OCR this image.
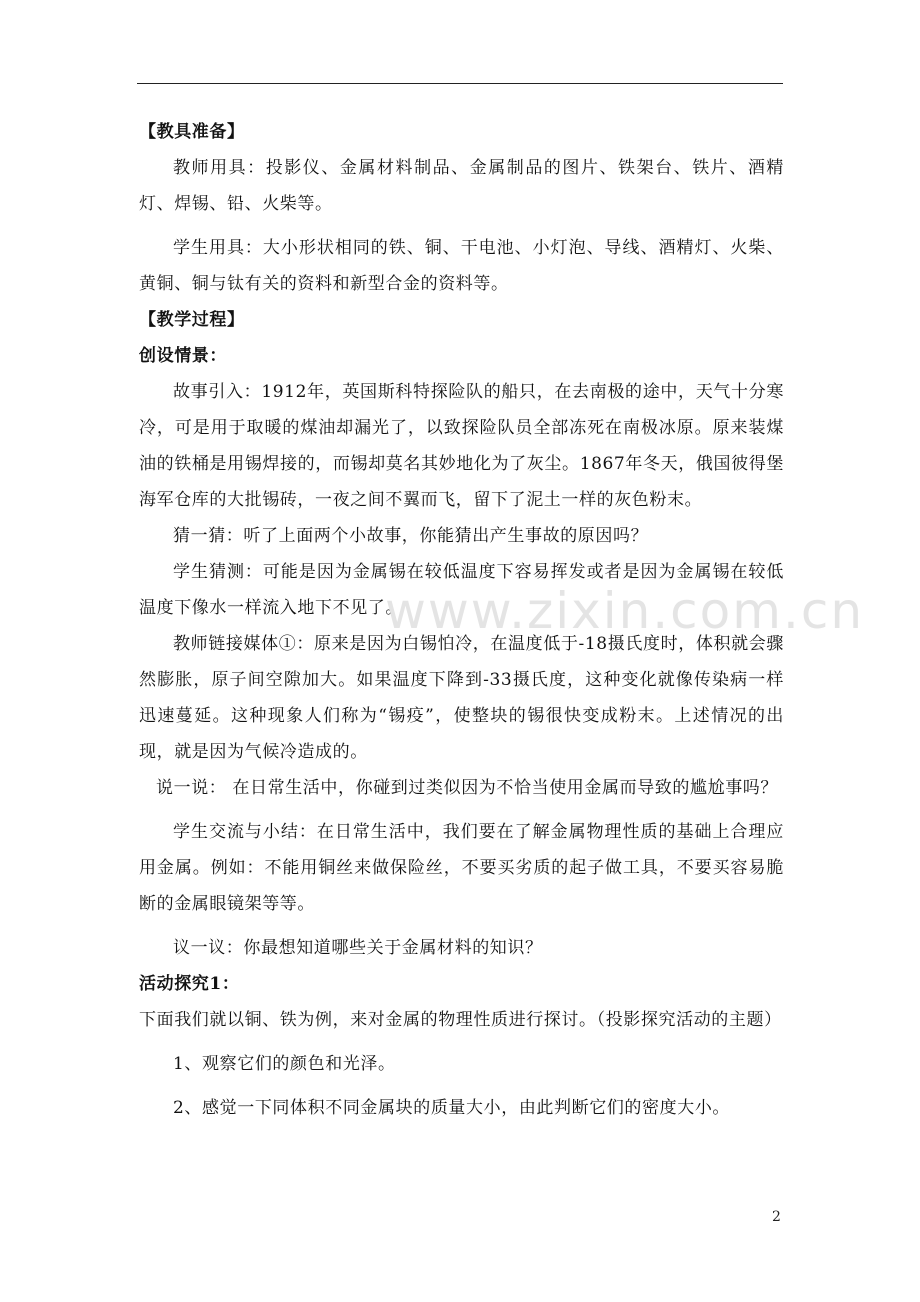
【教具准备】

教师用具：投影仪、金属材料制品、金属制品的图片、铁架台、铁片、酒精灯、焊锡、铅、火柴等。

学生用具：大小形状相同的铁、铜、干电池、小灯泡、导线、酒精灯、火柴、黄铜、铜与钛有关的资料和新型合金的资料等。

【教学过程】

创设情景：

故事引入：1912年，英国斯科特探险队的船只，在去南极的途中，天气十分寒冷，可是用于取暖的煤油却漏光了，以致探险队员全部冻死在南极冰原。原来装煤油的铁桶是用锡焊接的，而锡却莫名其妙地化为了灰尘。1867年冬天，俄国彼得堡海军仓库的大批锡砖，一夜之间不翼而飞，留下了泥土一样的灰色粉末。

猜一猜：听了上面两个小故事，你能猜出产生事故的原因吗？

学生猜测：可能是因为金属锡在较低温度下容易挥发或者是因为金属锡在较低温度下像水一样流入地下不见了。

教师链接媒体①：原来是因为白锡怕冷，在温度低于-18摄氏度时，体积就会骤然膨胀，原子间空隙加大。如果温度下降到-33摄氏度，这种变化就像传染病一样迅速蔓延。这种现象人们称为“锡疫”，使整块的锡很快变成粉末。上述情况的出现，就是因为气候冷造成的。

说一说： 在日常生活中，你碰到过类似因为不恰当使用金属而导致的尴尬事吗？

学生交流与小结：在日常生活中，我们要在了解金属物理性质的基础上合理应用金属。例如：不能用铜丝来做保险丝，不要买劣质的起子做工具，不要买容易脆断的金属眼镜架等等。

议一议：你最想知道哪些关于金属材料的知识？

活动探究1：

下面我们就以铜、铁为例，来对金属的物理性质进行探讨。（投影探究活动的主题）

1、观察它们的颜色和光泽。

2、感觉一下同体积不同金属块的质量大小，由此判断它们的密度大小。

www.zixin.com.cn
2
